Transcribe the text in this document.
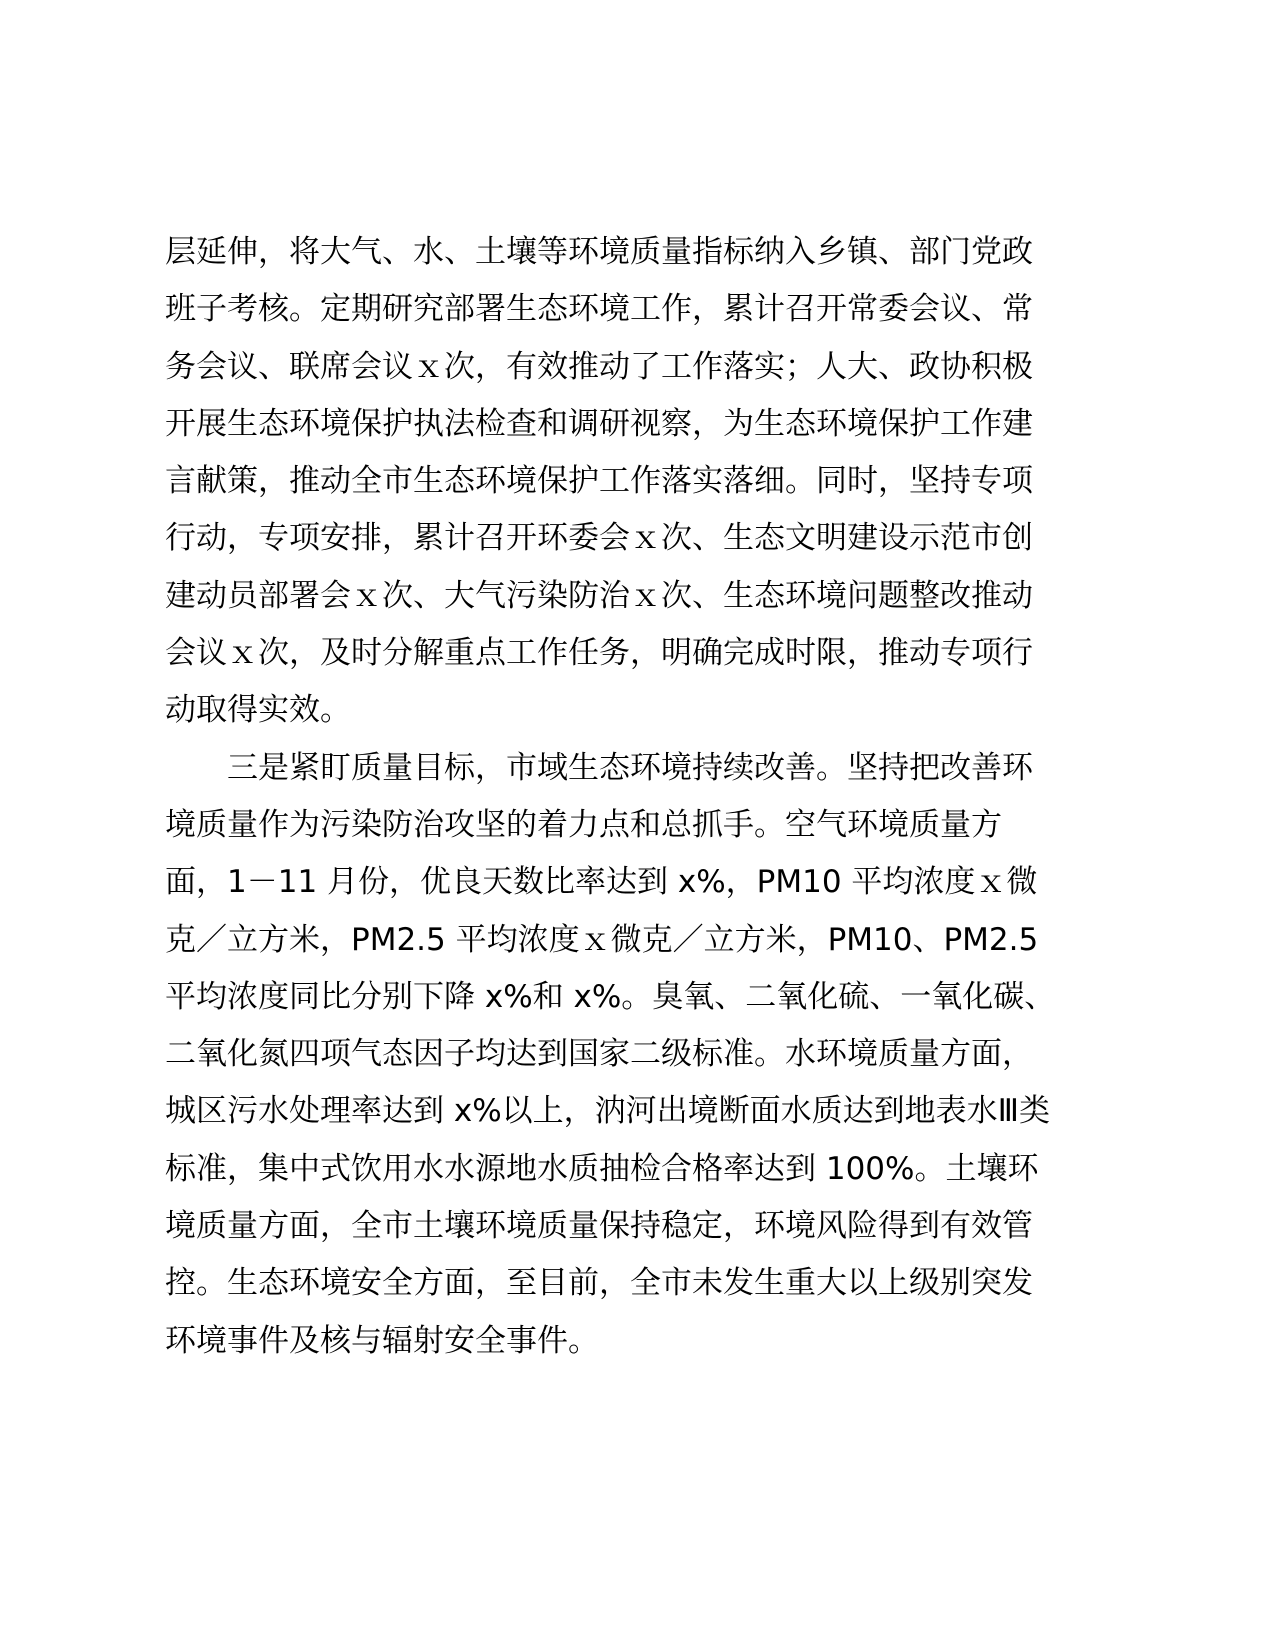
层延伸，将大气、水、土壤等环境质量指标纳入乡镇、部门党政
班子考核。定期研究部署生态环境工作，累计召开常委会议、常
务会议、联席会议ｘ次，有效推动了工作落实；人大、政协积极
开展生态环境保护执法检查和调研视察，为生态环境保护工作建
言献策，推动全市生态环境保护工作落实落细。同时，坚持专项
行动，专项安排，累计召开环委会ｘ次、生态文明建设示范市创
建动员部署会ｘ次、大气污染防治ｘ次、生态环境问题整改推动
会议ｘ次，及时分解重点工作任务，明确完成时限，推动专项行
动取得实效。
三是紧盯质量目标，市域生态环境持续改善。坚持把改善环
境质量作为污染防治攻坚的着力点和总抓手。空气环境质量方
面，1－11 月份，优良天数比率达到 x%，PM10 平均浓度ｘ微
克／立方米，PM2.5 平均浓度ｘ微克／立方米，PM10、PM2.5
平均浓度同比分别下降 x%和 x%。臭氧、二氧化硫、一氧化碳、
二氧化氮四项气态因子均达到国家二级标准。水环境质量方面，
城区污水处理率达到 x%以上，汭河出境断面水质达到地表水Ⅲ类
标准，集中式饮用水水源地水质抽检合格率达到 100%。土壤环
境质量方面，全市土壤环境质量保持稳定，环境风险得到有效管
控。生态环境安全方面，至目前，全市未发生重大以上级别突发
环境事件及核与辐射安全事件。
